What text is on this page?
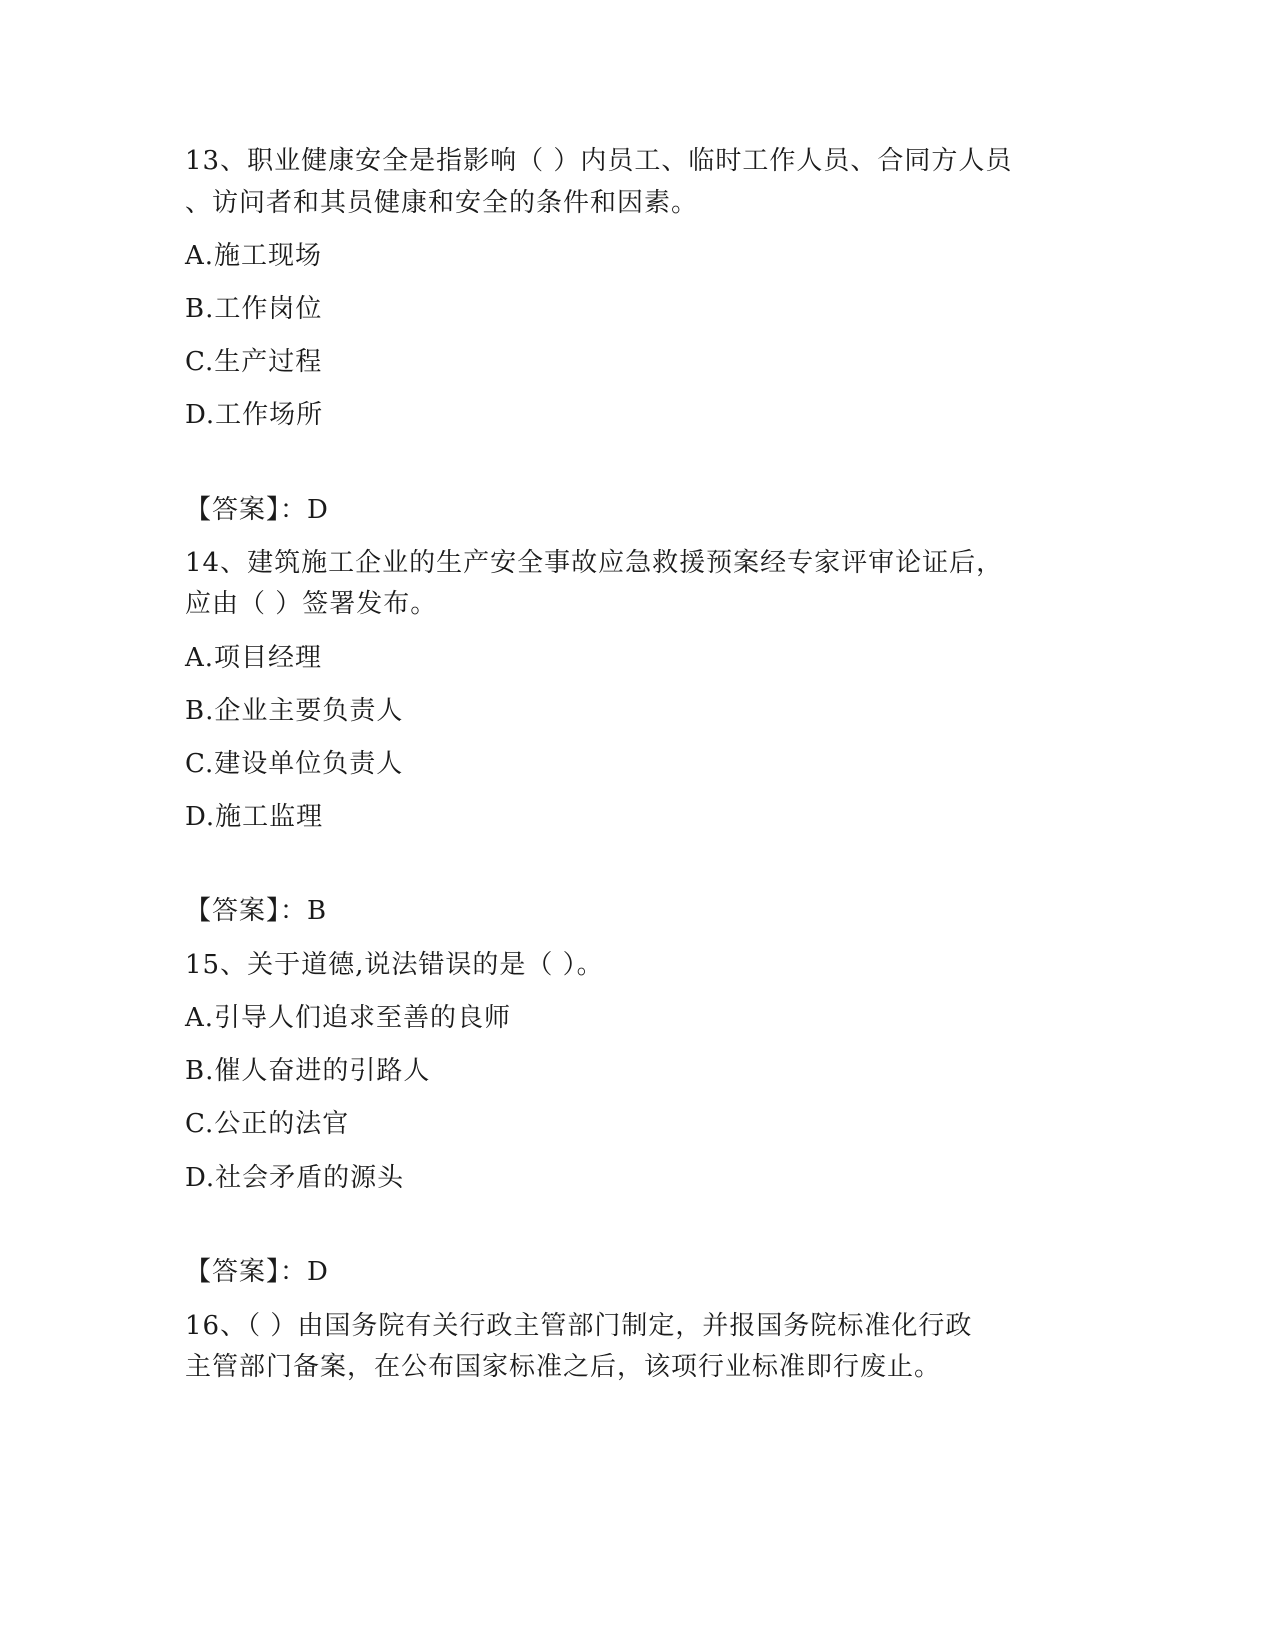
13、职业健康安全是指影响（ ）内员工、临时工作人员、合同方人员
、访问者和其员健康和安全的条件和因素。
A.施工现场
B.工作岗位
C.生产过程
D.工作场所
【答案】：D
14、建筑施工企业的生产安全事故应急救援预案经专家评审论证后，
应由（ ）签署发布。
A.项目经理
B.企业主要负责人
C.建设单位负责人
D.施工监理
【答案】：B
15、关于道德,说法错误的是（ ）。
A.引导人们追求至善的良师
B.催人奋进的引路人
C.公正的法官
D.社会矛盾的源头
【答案】：D
16、（ ）由国务院有关行政主管部门制定，并报国务院标准化行政
主管部门备案，在公布国家标准之后，该项行业标准即行废止。
